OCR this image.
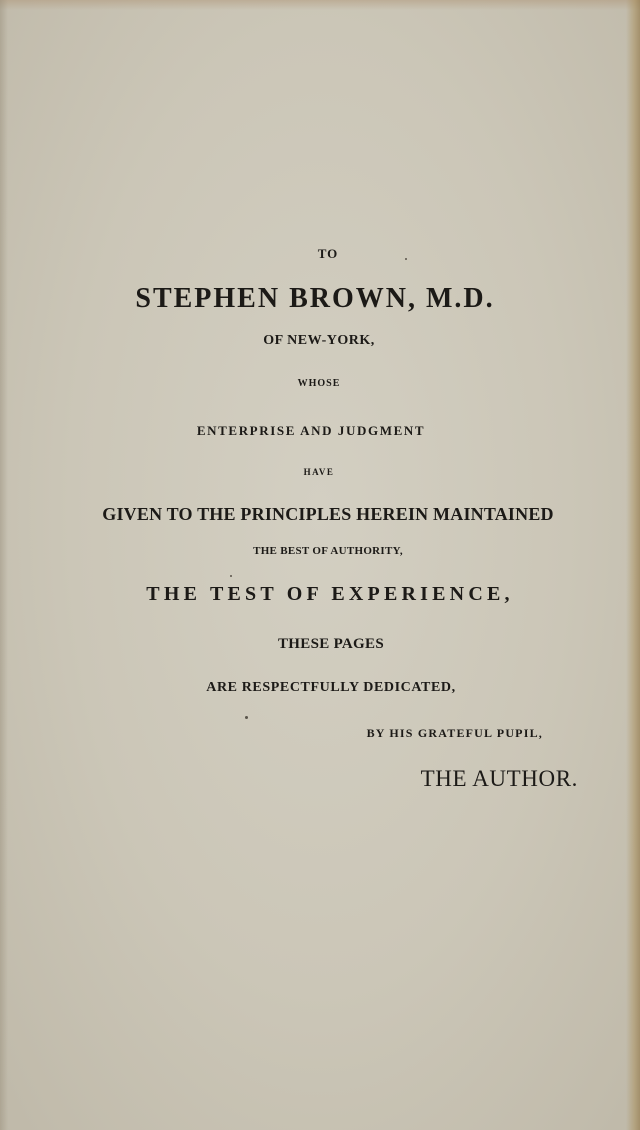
TO
STEPHEN BROWN, M.D.
OF NEW-YORK,
WHOSE
ENTERPRISE AND JUDGMENT
HAVE
GIVEN TO THE PRINCIPLES HEREIN MAINTAINED
THE BEST OF AUTHORITY,
THE TEST OF EXPERIENCE,
THESE PAGES
ARE RESPECTFULLY DEDICATED,
BY HIS GRATEFUL PUPIL,
THE AUTHOR.
